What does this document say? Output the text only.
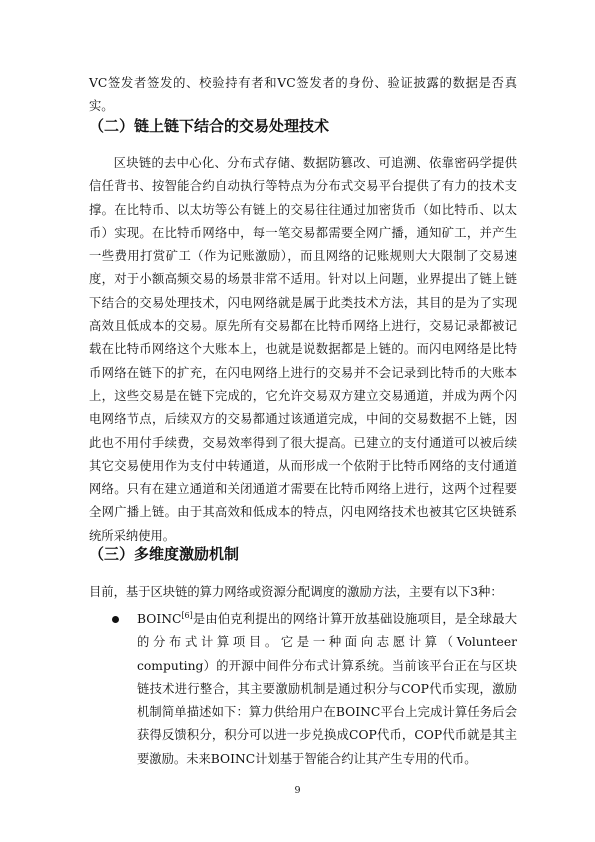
VC签发者签发的、校验持有者和VC签发者的身份、验证披露的数据是否真实。

（二）链上链下结合的交易处理技术

区块链的去中心化、分布式存储、数据防篡改、可追溯、依靠密码学提供信任背书、按智能合约自动执行等特点为分布式交易平台提供了有力的技术支撑。在比特币、以太坊等公有链上的交易往往通过加密货币（如比特币、以太币）实现。在比特币网络中，每一笔交易都需要全网广播，通知矿工，并产生一些费用打赏矿工（作为记账激励），而且网络的记账规则大大限制了交易速度，对于小额高频交易的场景非常不适用。针对以上问题，业界提出了链上链下结合的交易处理技术，闪电网络就是属于此类技术方法，其目的是为了实现高效且低成本的交易。原先所有交易都在比特币网络上进行，交易记录都被记载在比特币网络这个大账本上，也就是说数据都是上链的。而闪电网络是比特币网络在链下的扩充，在闪电网络上进行的交易并不会记录到比特币的大账本上，这些交易是在链下完成的，它允许交易双方建立交易通道，并成为两个闪电网络节点，后续双方的交易都通过该通道完成，中间的交易数据不上链，因此也不用付手续费，交易效率得到了很大提高。已建立的支付通道可以被后续其它交易使用作为支付中转通道，从而形成一个依附于比特币网络的支付通道网络。只有在建立通道和关闭通道才需要在比特币网络上进行，这两个过程要全网广播上链。由于其高效和低成本的特点，闪电网络技术也被其它区块链系统所采纳使用。

（三）多维度激励机制

目前，基于区块链的算力网络或资源分配调度的激励方法，主要有以下3种：

BOINC[6]是由伯克利提出的网络计算开放基础设施项目，是全球最大的分布式计算项目。它是一种面向志愿计算（Volunteer computing）的开源中间件分布式计算系统。当前该平台正在与区块链技术进行整合，其主要激励机制是通过积分与COP代币实现，激励机制简单描述如下：算力供给用户在BOINC平台上完成计算任务后会获得反馈积分，积分可以进一步兑换成COP代币，COP代币就是其主要激励。未来BOINC计划基于智能合约让其产生专用的代币。

9
